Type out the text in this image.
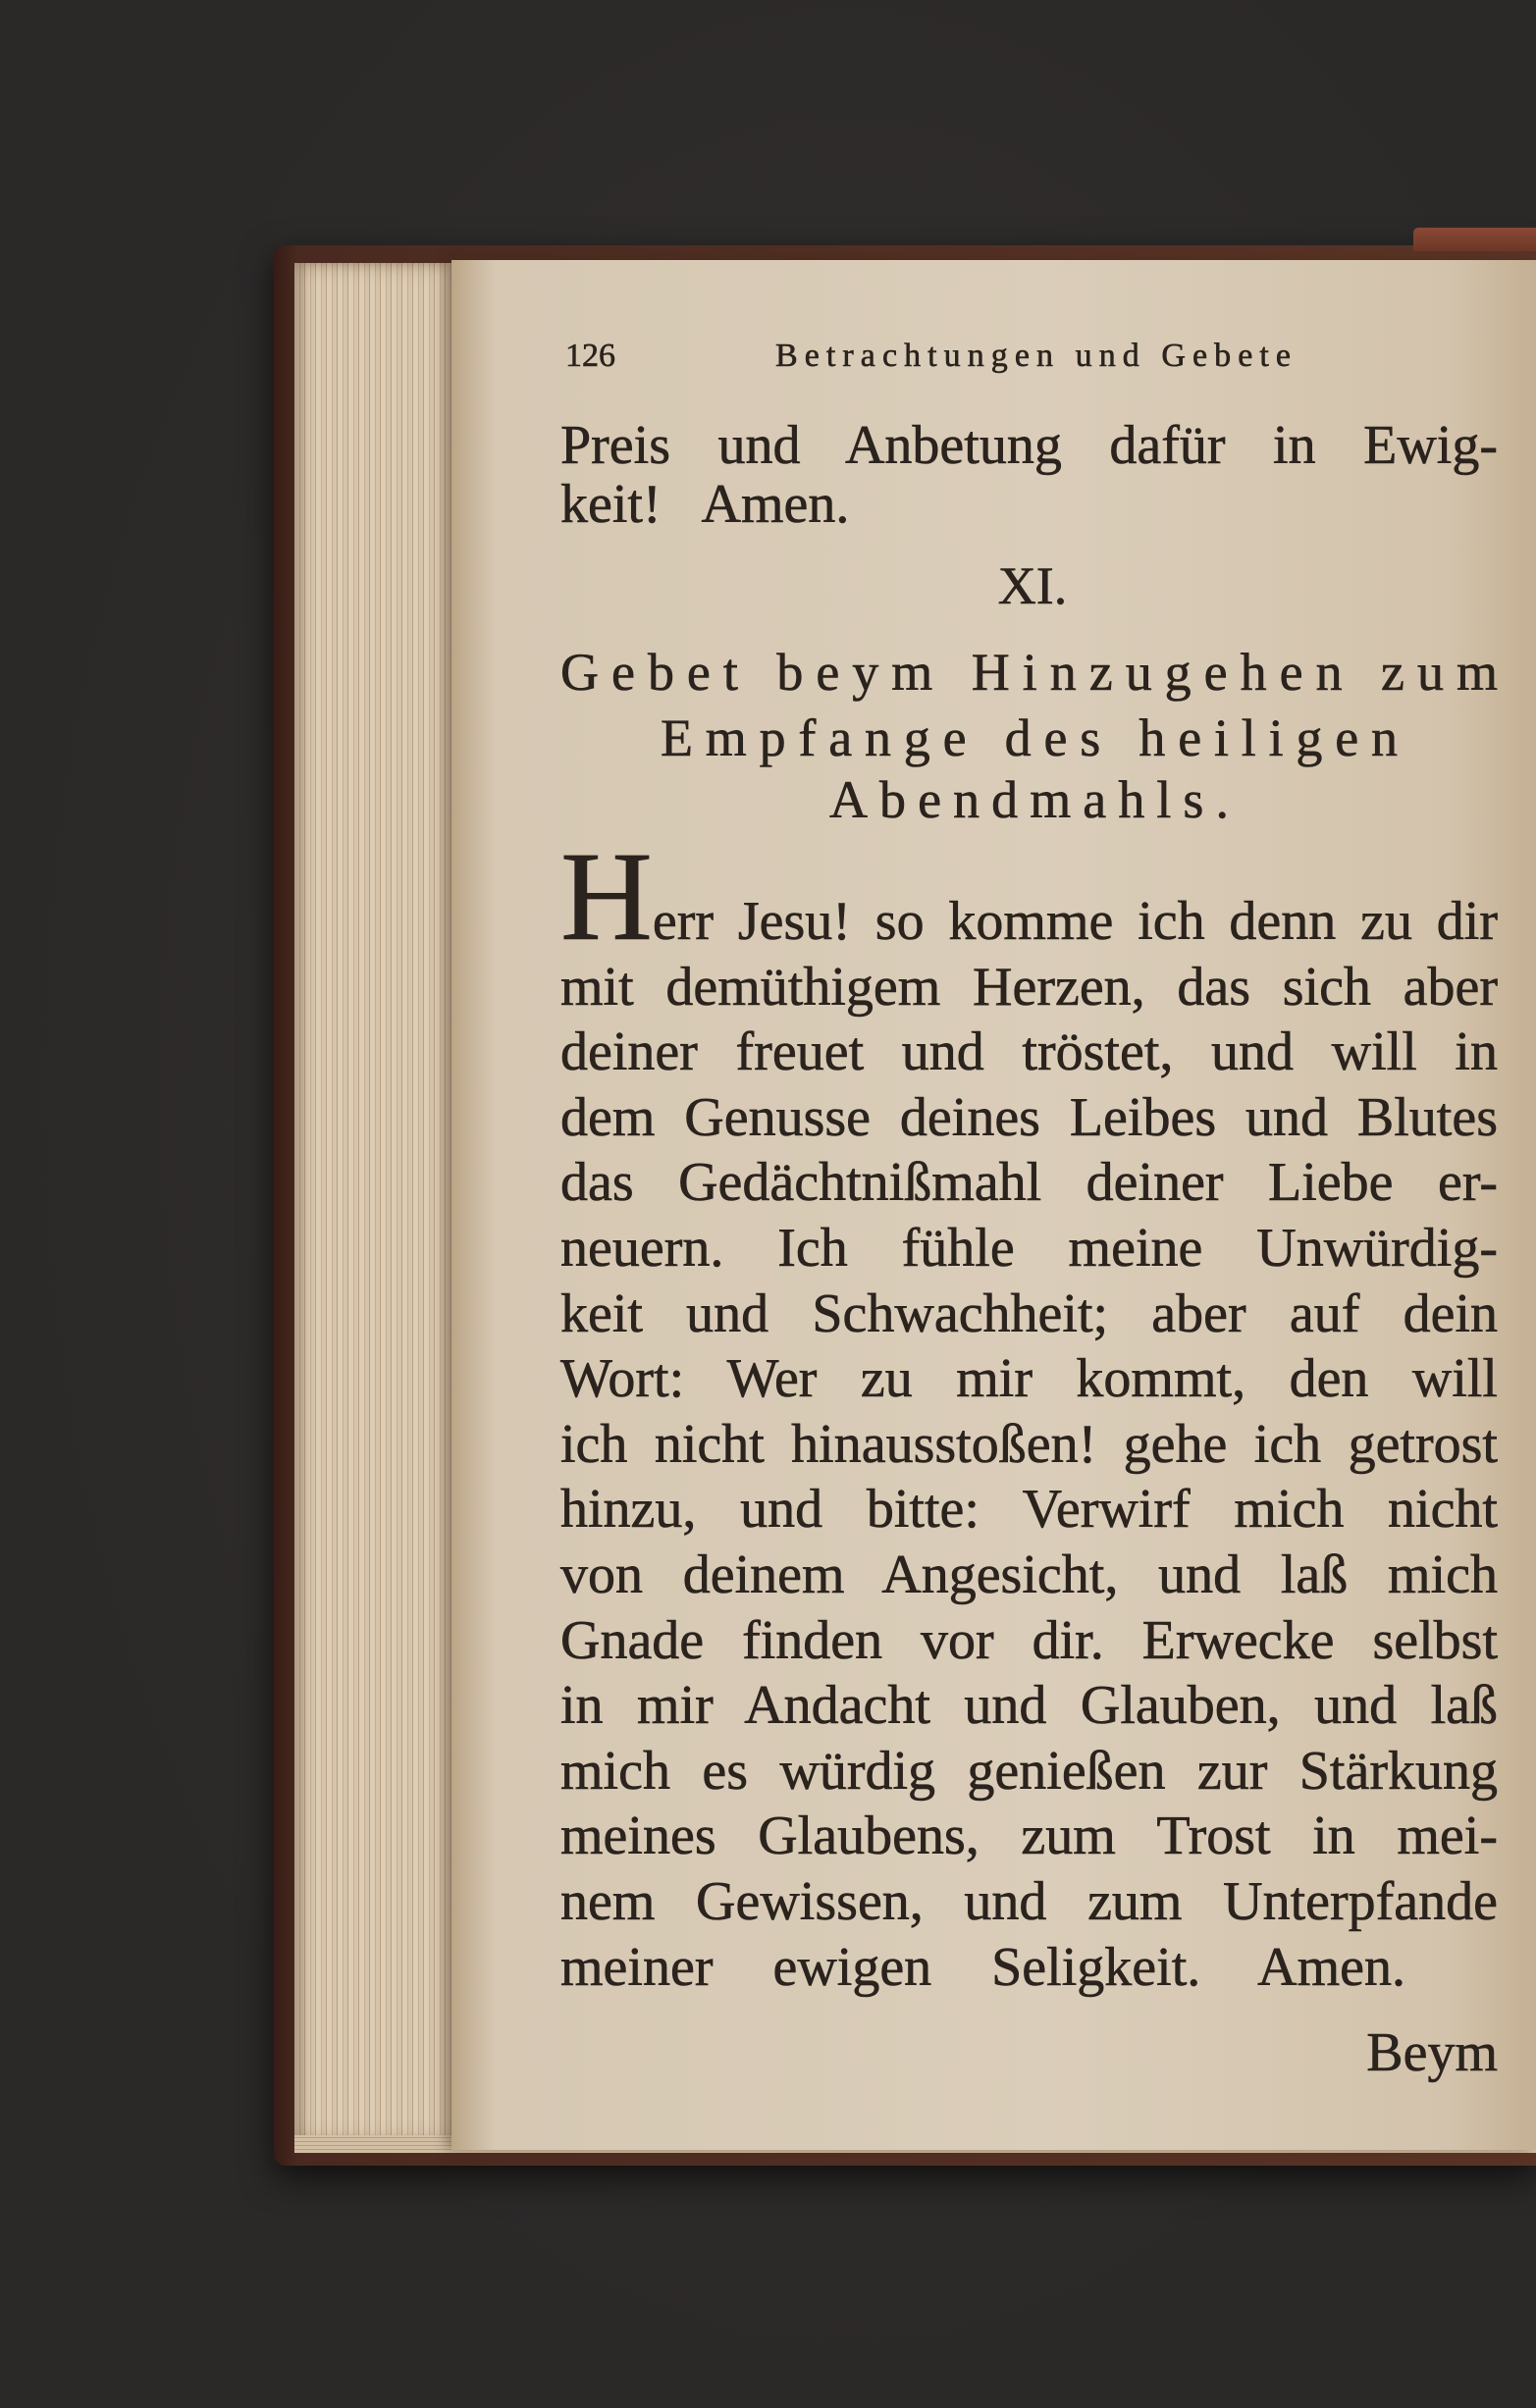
126	Betrachtungen und Gebete
Preis und Anbetung dafür in Ewig-
keit! Amen.
XI.
Gebet beym Hinzugehen zum
Empfange des heiligen
Abendmahls.
Herr Jesu! so komme ich denn zu dir
mit demüthigem Herzen, das sich aber
deiner freuet und tröstet, und will in
dem Genusse deines Leibes und Blutes
das Gedächtnißmahl deiner Liebe er-
neuern. Ich fühle meine Unwürdig-
keit und Schwachheit; aber auf dein
Wort: Wer zu mir kommt, den will
ich nicht hinausstoßen! gehe ich getrost
hinzu, und bitte: Verwirf mich nicht
von deinem Angesicht, und laß mich
Gnade finden vor dir. Erwecke selbst
in mir Andacht und Glauben, und laß
mich es würdig genießen zur Stärkung
meines Glaubens, zum Trost in mei-
nem Gewissen, und zum Unterpfande
meiner ewigen Seligkeit. Amen.
Beym
